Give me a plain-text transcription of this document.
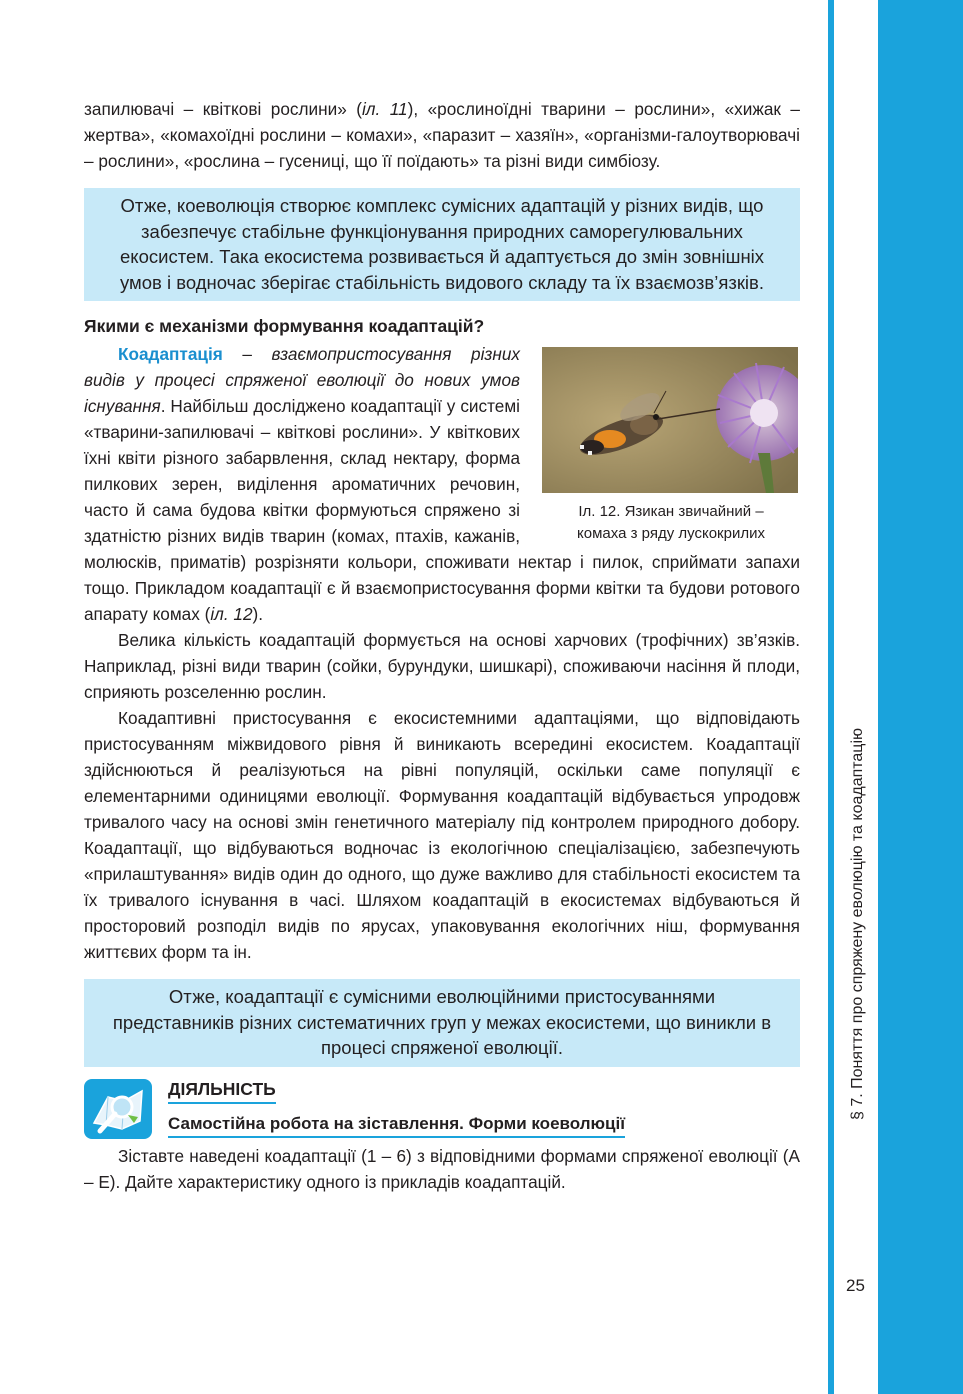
§ 7. Поняття про спряжену еволюцію та коадаптацію
25

запилювачі – квіткові рослини» (іл. 11), «рослиноїдні тварини – рослини», «хижак – жертва», «комахоїдні рослини – комахи», «паразит – хазяїн», «організми-галоутворювачі – рослини», «рослина – гусениці, що її поїдають» та різні види симбіозу.

Отже, коеволюція створює комплекс сумісних адаптацій у різних видів, що забезпечує стабільне функціонування природних саморегулювальних екосистем. Така екосистема розвивається й адаптується до змін зовнішніх умов і водночас зберігає стабільність видового складу та їх взаємозв’язків.
Якими є механізми формування коадаптацій?
Іл. 12. Язикан звичайний –
комаха з ряду лускокрилих

Коадаптація – взаємопристосування різних видів у процесі спряженої еволюції до нових умов існування. Найбільш досліджено коадаптації у системі «тварини-запилювачі – квіткові рослини». У квіткових їхні квіти різного забарвлення, склад нектару, форма пилкових зерен, виділення ароматичних речовин, часто й сама будова квітки формуються спряжено зі здатністю різних видів тварин (комах, птахів, кажанів, молюсків, приматів) розрізняти кольори, споживати нектар і пилок, сприймати запахи тощо. Прикладом коадаптації є й взаємопристосування форми квітки та будови ротового апарату комах (іл. 12).

Велика кількість коадаптацій формується на основі харчових (трофічних) зв’язків. Наприклад, різні види тварин (сойки, бурундуки, шишкарі), споживаючи насіння й плоди, сприяють розселенню рослин.

Коадаптивні пристосування є екосистемними адаптаціями, що відповідають пристосуванням міжвидового рівня й виникають всередині екосистем. Коадаптації здійснюються й реалізуються на рівні популяцій, оскільки саме популяції є елементарними одиницями еволюції. Формування коадаптацій відбувається упродовж тривалого часу на основі змін генетичного матеріалу під контролем природного добору. Коадаптації, що відбуваються водночас із екологічною спеціалізацією, забезпечують «прилаштування» видів один до одного, що дуже важливо для стабільності екосистем та їх тривалого існування в часі. Шляхом коадаптацій в екосистемах відбуваються й просторовий розподіл видів по ярусах, упаковування екологічних ніш, формування життєвих форм та ін.

Отже, коадаптації є сумісними еволюційними пристосуваннями представників різних систематичних груп у межах екосистеми, що виникли в процесі спряженої еволюції.
ДІЯЛЬНІСТЬ
Самостійна робота на зіставлення. Форми коеволюції

Зіставте наведені коадаптації (1 – 6) з відповідними формами спряженої еволюції (А – Е). Дайте характеристику одного із прикладів коадаптацій.
